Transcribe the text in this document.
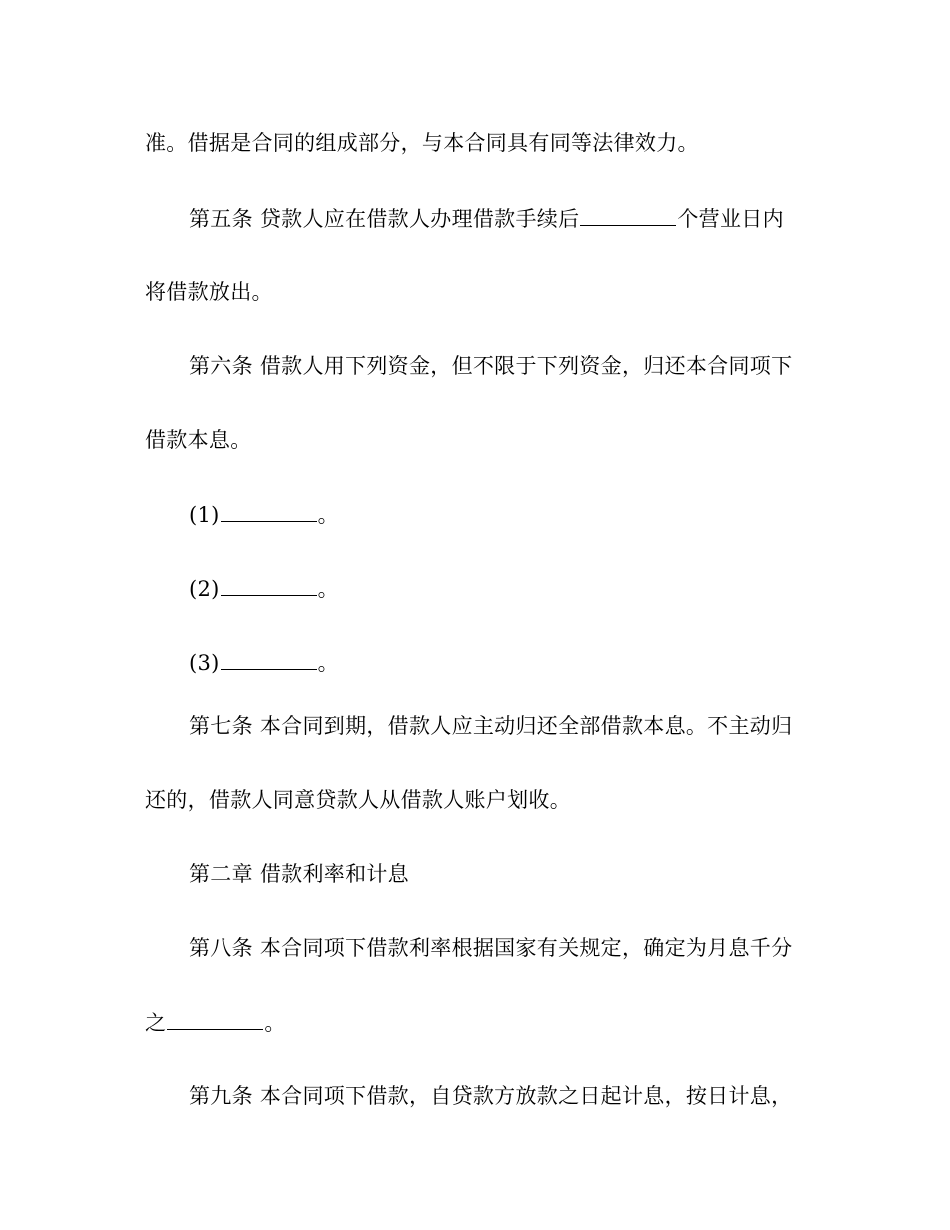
准。借据是合同的组成部分，与本合同具有同等法律效力。
第五条 贷款人应在借款人办理借款手续后	个营业日内
将借款放出。
第六条 借款人用下列资金，但不限于下列资金，归还本合同项下
借款本息。
(1)	。
(2)	。
(3)	。
第七条 本合同到期，借款人应主动归还全部借款本息。不主动归
还的，借款人同意贷款人从借款人账户划收。
第二章 借款利率和计息
第八条 本合同项下借款利率根据国家有关规定，确定为月息千分
之	。
第九条 本合同项下借款，自贷款方放款之日起计息，按日计息，
